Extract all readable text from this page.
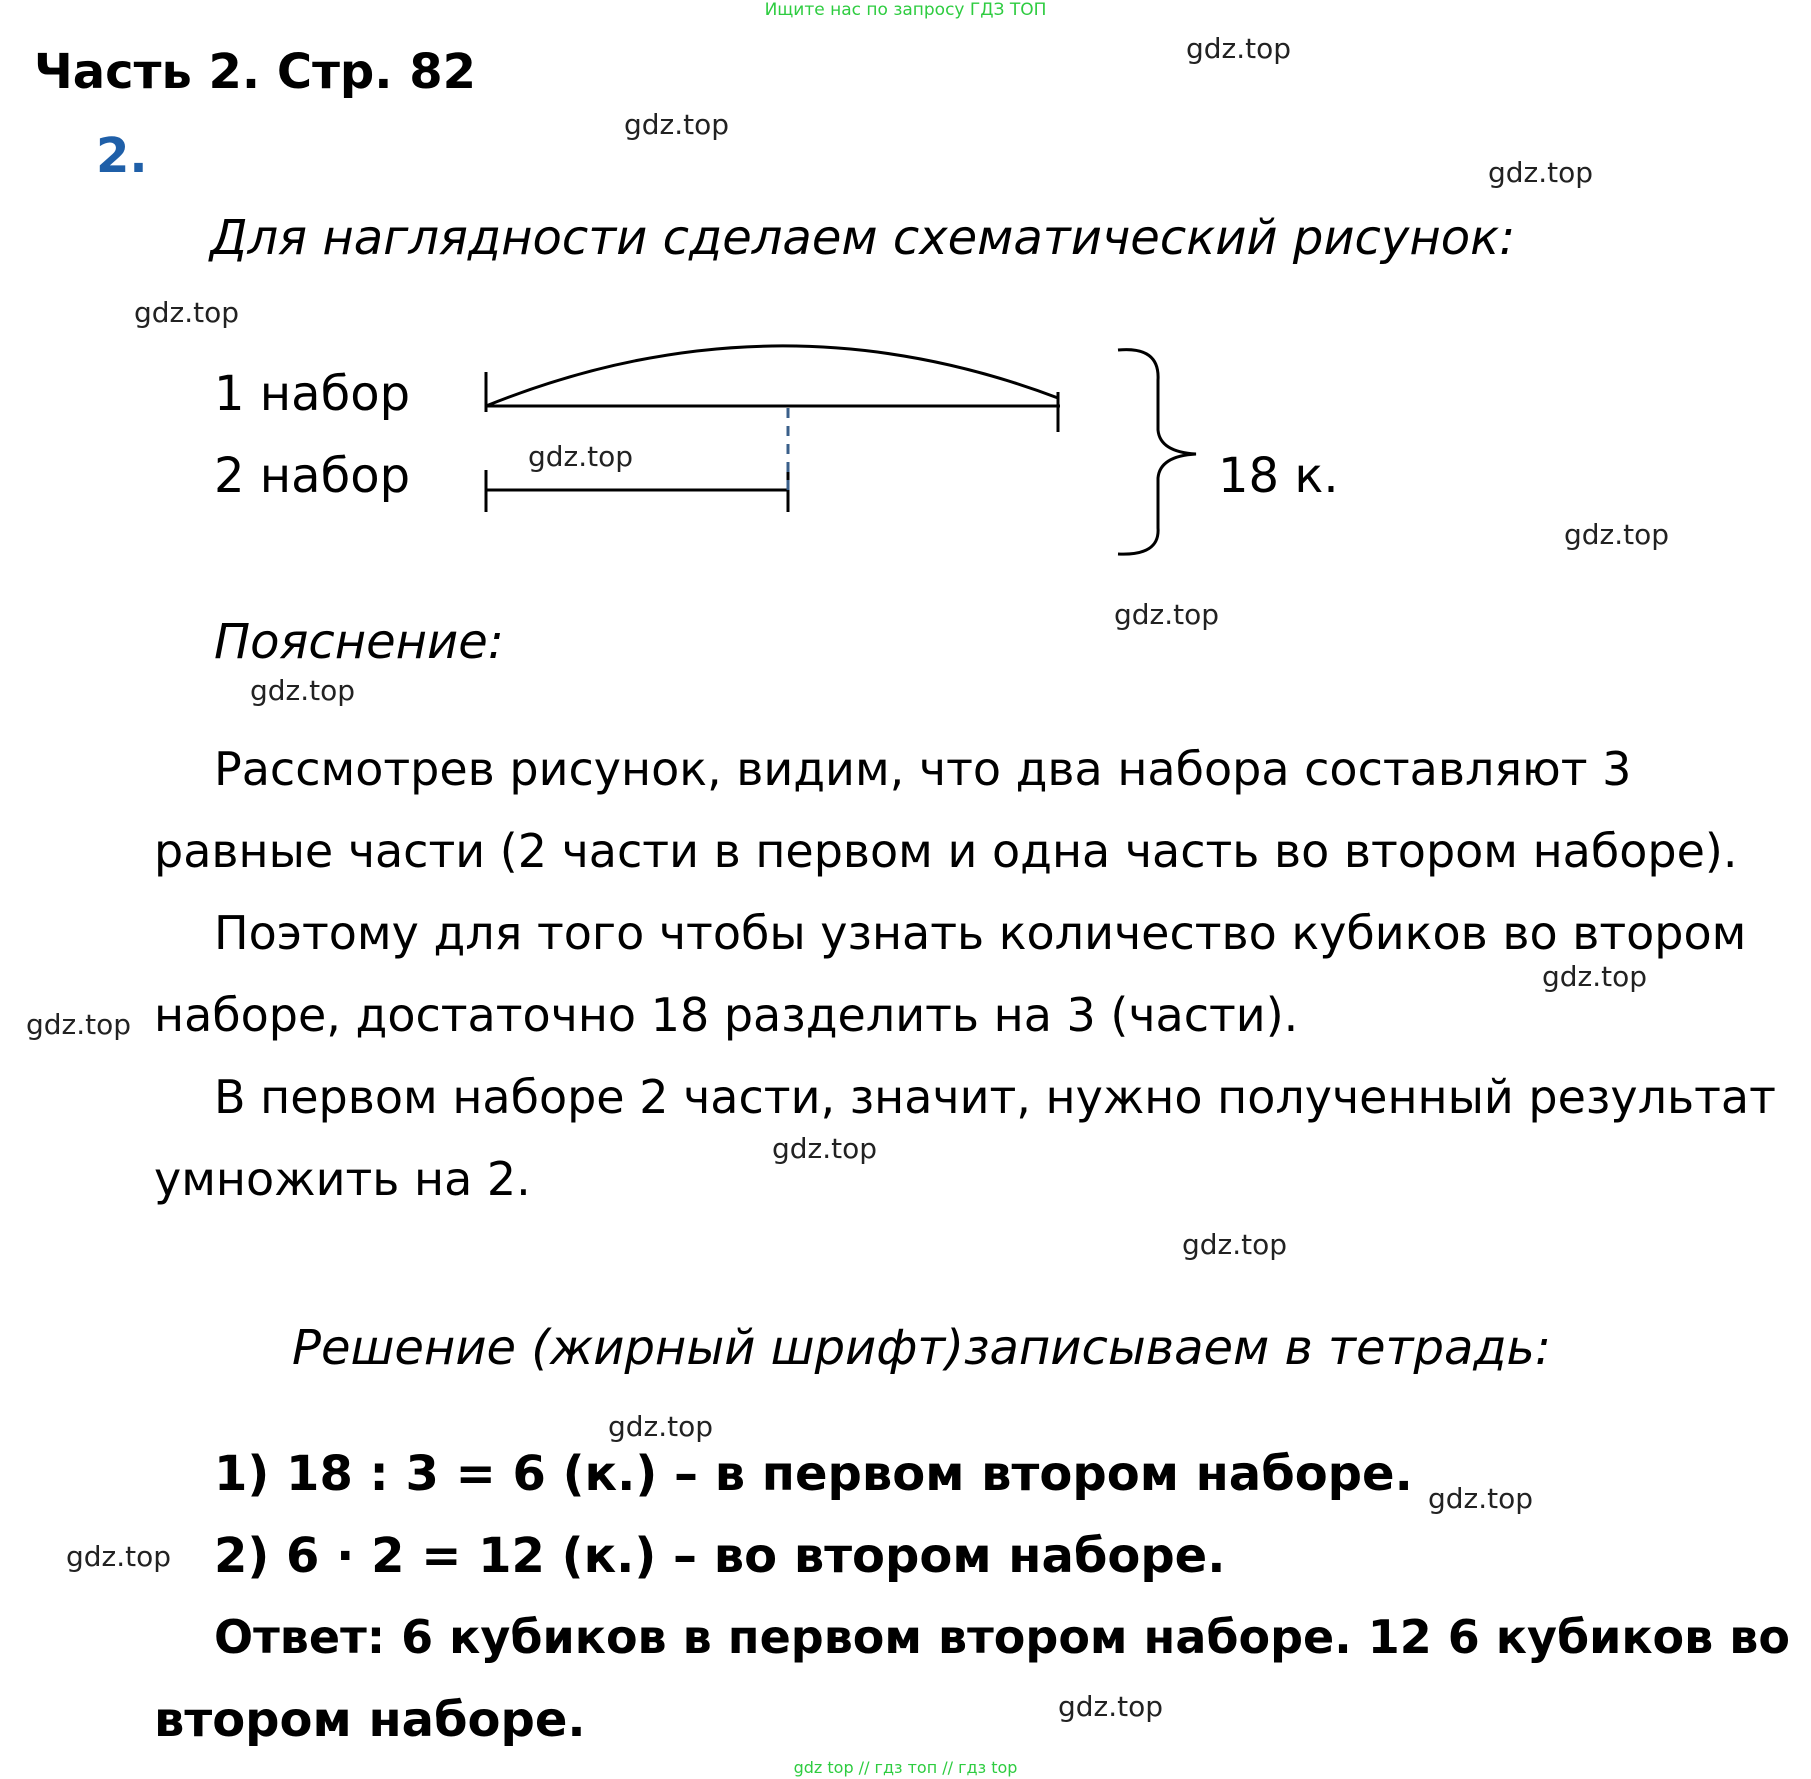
Ищите нас по запросу ГДЗ ТОП
Часть 2. Стр. 82
2.
Для наглядности сделаем схематический рисунок:
1 набор
2 набор	18 к.
Пояснение:
Рассмотрев рисунок, видим, что два набора составляют 3
равные части (2 части в первом и одна часть во втором наборе).
Поэтому для того чтобы узнать количество кубиков во втором
наборе, достаточно 18 разделить на 3 (части).
В первом наборе 2 части, значит, нужно полученный результат
умножить на 2.
Решение (жирный шрифт)записываем в тетрадь:
1) 18 : 3 = 6 (к.) – в первом втором наборе.
2) 6 · 2 = 12 (к.) – во втором наборе.
Ответ: 6 кубиков в первом втором наборе. 12 6 кубиков во
втором наборе.
gdz.top
gdz.top
gdz.top
gdz.top
gdz.top
gdz.top
gdz.top
gdz.top
gdz.top
gdz.top
gdz.top
gdz.top
gdz.top
gdz.top
gdz.top
gdz.top
gdz top // гдз топ // гдз top
